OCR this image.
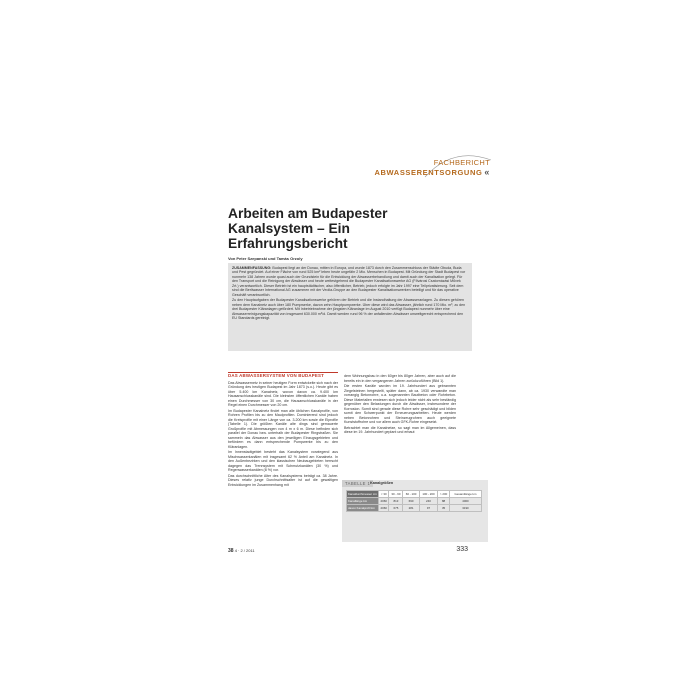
FACHBERICHT
ABWASSERENTSORGUNG «
Arbeiten am Budapester Kanalsystem – Ein Erfahrungsbericht
Von Peter Szepanski und Tamás Orzoly

ZUSAMMENFASSUNG: Budapest liegt an der Donau, mitten in Europa, und wurde 1873 durch den Zusammenschluss der Städte Obuda, Buda und Pest gegründet. Auf einer Fläche von rund 525 km² leben heute ungefähr 2 Mio. Menschen in Budapest. Mit Gründung der Stadt Budapest vor nunmehr 138 Jahren wurde quasi auch der Grundstein für die Entwicklung der Abwasserbehandlung und damit auch der Kanalisation gelegt. Für den Transport und die Reinigung der Abwässer und heute weitestgehend die Budapester Kanalisationswerke AG (Fővárosi Csatornázási Művek Zrt.) verantwortlich. Dieser Betrieb ist ein hauptstädtischer, also öffentlicher, Betrieb, jedoch erfolgte im Jahr 1997 eine Teilprivatisierung. Seit dem sind die Berliwasser International AG zusammen mit der Veolia-Gruppe an den Budapester Kanalisationswerken beteiligt und für das operative Geschäft verantwortlich.

Zu den Hauptaufgaben der Budapester Kanalisationswerke gehören der Betrieb und die Instandhaltung der Abwasseranlagen. Zu diesen gehören neben dem Kanalnetz auch über 180 Pumpwerke, davon zehn Hauptpumpwerke. Über diese wird das Abwasser, jährlich rund 170 Mio. m³, zu den drei Budapester Kläranlagen gefördert. Mit Inbetriebnahme der jüngsten Kläranlage im August 2010 verfügt Budapest nunmehr über eine Abwasserreinigungskapazität von insgesamt 630.000 m³/d. Damit werden rund 96 % der anfallenden Abwässer umweltgerecht entsprechend den EU Standards gereinigt.

DAS ABWASSERSYSTEM VON BUDAPEST

Das Abwassernetz in seiner heutigen Form entwickelte sich nach der Gründung des heutigen Budapest im Jahr 1873 (s.o.). Heute gibt es über 5.400 km Kanalnetz, wovon davon ca. 9.400 km Hausanschlusskanäle sind. Die kleinsten öffentlichen Kanäle haben einen Durchmesser von 30 cm, die Hausanschlusskanäle in der Regel einen Durchmesser von 20 cm.

Im Budapester Kanalnetz findet man alle üblichen Kanalprofile, von Rohren Profilen bis zu den Maulprofilen. Dominierend sind jedoch die Kreisprofile mit einer Länge von ca. 3.200 km sowie die Eiprofile (Tabelle 1). Die größten Kanäle alte dings sind gemauerte Großprofile mit Abmessungen von 4 m x 6 m. Diese befinden sich parallel der Donau bzw. unterhalb der Budapester Ringstraßen. Sie sammeln das Abwasser aus den jeweiligen Einzugsgebieten und befördern es dann entsprechende Pumpwerke bis zu den Kläranlagen.

Im Innenstadtgebiet besteht das Kanalsystem vorwiegend aus Mischwasserkanälen mit insgesamt 62 % Anteil am Kanalnetz. In den Außenbezirken und den klassischen Neubaugebieten herrscht dagegen das Trennsystem mit Schmutzkanälen (30 %) und Regenwasserkanälen (8 %) vor.

Das durchschnittliche Alter des Kanalsystems beträgt ca. 38 Jahre. Dieses relativ junge Durchschnittsalter ist auf die gewaltigen Entwicklungen im Zusammenhang mit

dem Wohnungsbau in den 60ger bis 80ger Jahren, aber auch auf die bereits ein in den vergangenen Jahren zurückzuführen (Bild 1).

Die ersten Kanäle wurden im 19. Jahrhundert aus gebrannten Ziegelsteinen hergestellt, später dann, ab ca. 1930 verwandte man vorrangig Betonrohre, u.a. sogenannten Bautbeton oder Rohrbeton. Diese Materialien erwiesen sich jedoch leider nicht als sehr beständig gegenüber den Belastungen durch die Abwässer, insbesondere der Korrosion. Somit sind gerade diese Rohre sehr geschädigt und bilden somit den Schwerpunkt der Erneuerungsarbeiten. Heute werden neben Betonrohren und Steinzeugrohren auch geeignete Kunststoffrohre und vor allem auch GFK-Rohre eingesetzt.

Betrachtet man die Kanalnetze, so sagt man im Allgemeinen, dass diese im 19. Jahrhundert geplant und erbaut

TABELLE 1 Kanalgrößen
Kanaldurchmesser cm	< 30	30 - 60	60 - 100	100 - 200	> 200	Gesamtlänge km
Kanallänge km	2060	813	690	240	88	4000
davon Kanalprofil km	2060	675	281	97	35	3190
38 4 · 2 / 2011	333
